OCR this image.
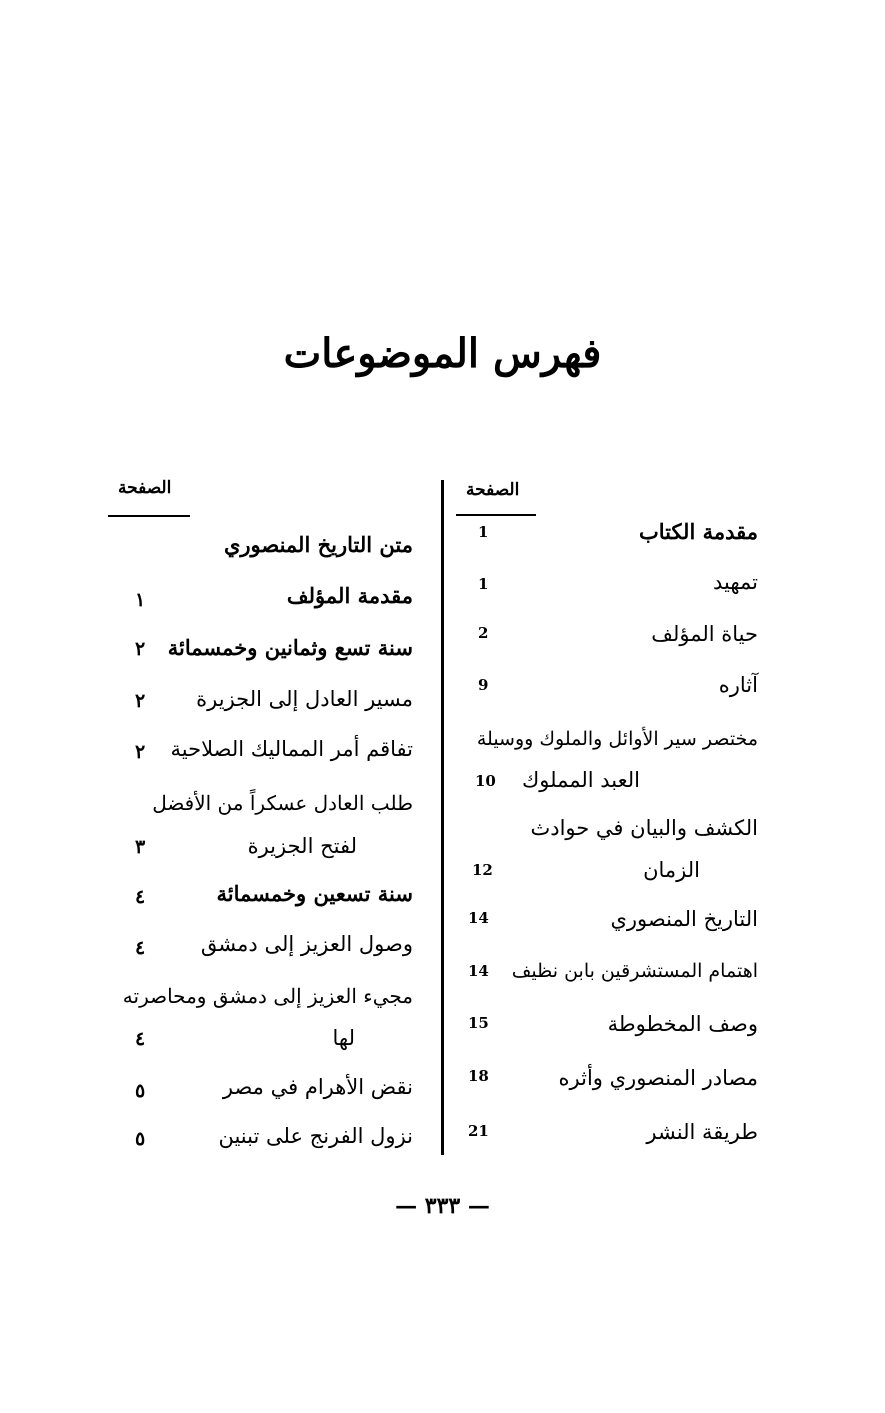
فهرس الموضوعات
الصفحة	الصفحة
مقدمة الكتاب
1
تمهيد
1
حياة المؤلف
2
آثاره
9
مختصر سير الأوائل والملوك ووسيلة
العبد المملوك
10
الكشف والبيان في حوادث
الزمان
12
التاريخ المنصوري
14
اهتمام المستشرقين بابن نظيف
14
وصف المخطوطة
15
مصادر المنصوري وأثره
18
طريقة النشر
21
متن التاريخ المنصوري
مقدمة المؤلف
١
سنة تسع وثمانين وخمسمائة
٢
مسير العادل إلى الجزيرة
٢
تفاقم أمر المماليك الصلاحية
٢
طلب العادل عسكراً من الأفضل
لفتح الجزيرة
٣
سنة تسعين وخمسمائة
٤
وصول العزيز إلى دمشق
٤
مجيء العزيز إلى دمشق ومحاصرته
لها
٤
نقض الأهرام في مصر
٥
نزول الفرنج على تبنين
٥
— ٣٣٣ —
